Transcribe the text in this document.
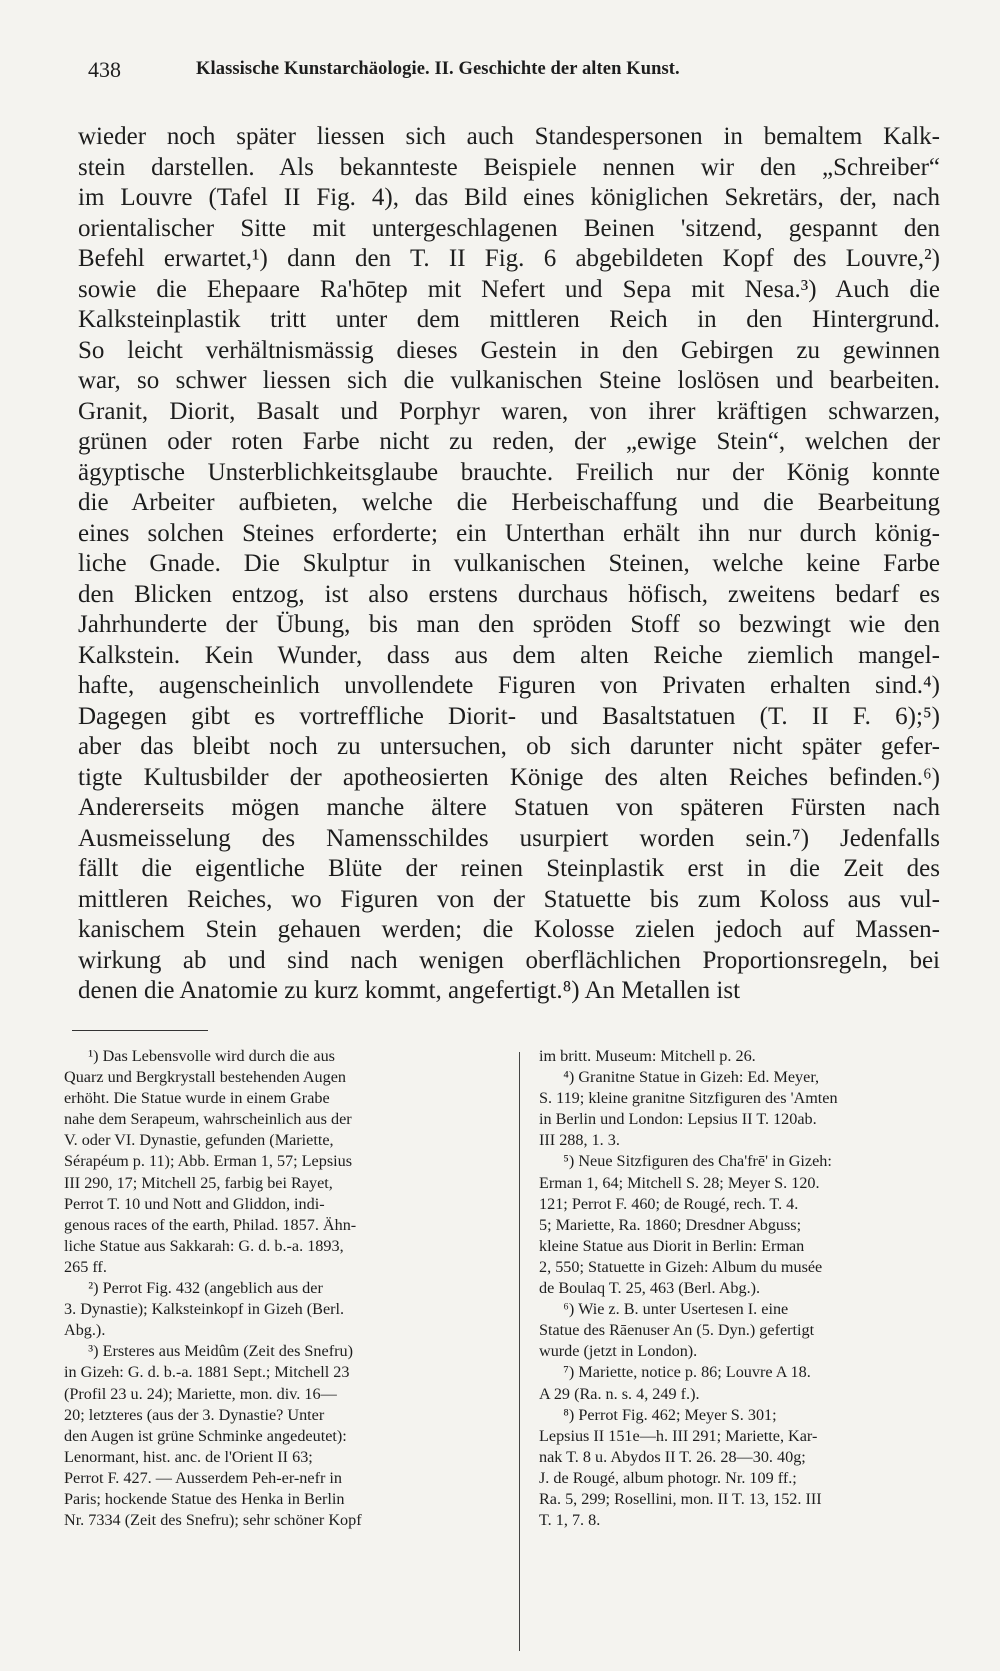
438	Klassische Kunstarchäologie. II. Geschichte der alten Kunst.
wieder noch später liessen sich auch Standespersonen in bemaltem Kalk-
stein darstellen. Als bekannteste Beispiele nennen wir den „Schreiber“
im Louvre (Tafel II Fig. 4), das Bild eines königlichen Sekretärs, der, nach
orientalischer Sitte mit untergeschlagenen Beinen 'sitzend, gespannt den
Befehl erwartet,¹) dann den T. II Fig. 6 abgebildeten Kopf des Louvre,²)
sowie die Ehepaare Ra'hōtep mit Nefert und Sepa mit Nesa.³) Auch die
Kalksteinplastik tritt unter dem mittleren Reich in den Hintergrund.
So leicht verhältnismässig dieses Gestein in den Gebirgen zu gewinnen
war, so schwer liessen sich die vulkanischen Steine loslösen und bearbeiten.
Granit, Diorit, Basalt und Porphyr waren, von ihrer kräftigen schwarzen,
grünen oder roten Farbe nicht zu reden, der „ewige Stein“, welchen der
ägyptische Unsterblichkeitsglaube brauchte. Freilich nur der König konnte
die Arbeiter aufbieten, welche die Herbeischaffung und die Bearbeitung
eines solchen Steines erforderte; ein Unterthan erhält ihn nur durch könig-
liche Gnade. Die Skulptur in vulkanischen Steinen, welche keine Farbe
den Blicken entzog, ist also erstens durchaus höfisch, zweitens bedarf es
Jahrhunderte der Übung, bis man den spröden Stoff so bezwingt wie den
Kalkstein. Kein Wunder, dass aus dem alten Reiche ziemlich mangel-
hafte, augenscheinlich unvollendete Figuren von Privaten erhalten sind.⁴)
Dagegen gibt es vortreffliche Diorit- und Basaltstatuen (T. II F. 6);⁵)
aber das bleibt noch zu untersuchen, ob sich darunter nicht später gefer-
tigte Kultusbilder der apotheosierten Könige des alten Reiches befinden.⁶)
Andererseits mögen manche ältere Statuen von späteren Fürsten nach
Ausmeisselung des Namensschildes usurpiert worden sein.⁷) Jedenfalls
fällt die eigentliche Blüte der reinen Steinplastik erst in die Zeit des
mittleren Reiches, wo Figuren von der Statuette bis zum Koloss aus vul-
kanischem Stein gehauen werden; die Kolosse zielen jedoch auf Massen-
wirkung ab und sind nach wenigen oberflächlichen Proportionsregeln, bei
denen die Anatomie zu kurz kommt, angefertigt.⁸) An Metallen ist
¹) Das Lebensvolle wird durch die aus
Quarz und Bergkrystall bestehenden Augen
erhöht. Die Statue wurde in einem Grabe
nahe dem Serapeum, wahrscheinlich aus der
V. oder VI. Dynastie, gefunden (Mariette,
Sérapéum p. 11); Abb. Erman 1, 57; Lepsius
III 290, 17; Mitchell 25, farbig bei Rayet,
Perrot T. 10 und Nott and Gliddon, indi-
genous races of the earth, Philad. 1857. Ähn-
liche Statue aus Sakkarah: G. d. b.-a. 1893,
265 ff.
²) Perrot Fig. 432 (angeblich aus der
3. Dynastie); Kalksteinkopf in Gizeh (Berl.
Abg.).
³) Ersteres aus Meidûm (Zeit des Snefru)
in Gizeh: G. d. b.-a. 1881 Sept.; Mitchell 23
(Profil 23 u. 24); Mariette, mon. div. 16—
20; letzteres (aus der 3. Dynastie? Unter
den Augen ist grüne Schminke angedeutet):
Lenormant, hist. anc. de l'Orient II 63;
Perrot F. 427. — Ausserdem Peh-er-nefr in
Paris; hockende Statue des Henka in Berlin
Nr. 7334 (Zeit des Snefru); sehr schöner Kopf
im britt. Museum: Mitchell p. 26.
⁴) Granitne Statue in Gizeh: Ed. Meyer,
S. 119; kleine granitne Sitzfiguren des 'Amten
in Berlin und London: Lepsius II T. 120ab.
III 288, 1. 3.
⁵) Neue Sitzfiguren des Cha'frē' in Gizeh:
Erman 1, 64; Mitchell S. 28; Meyer S. 120.
121; Perrot F. 460; de Rougé, rech. T. 4.
5; Mariette, Ra. 1860; Dresdner Abguss;
kleine Statue aus Diorit in Berlin: Erman
2, 550; Statuette in Gizeh: Album du musée
de Boulaq T. 25, 463 (Berl. Abg.).
⁶) Wie z. B. unter Usertesen I. eine
Statue des Rāenuser An (5. Dyn.) gefertigt
wurde (jetzt in London).
⁷) Mariette, notice p. 86; Louvre A 18.
A 29 (Ra. n. s. 4, 249 f.).
⁸) Perrot Fig. 462; Meyer S. 301;
Lepsius II 151e—h. III 291; Mariette, Kar-
nak T. 8 u. Abydos II T. 26. 28—30. 40g;
J. de Rougé, album photogr. Nr. 109 ff.;
Ra. 5, 299; Rosellini, mon. II T. 13, 152. III
T. 1, 7. 8.
